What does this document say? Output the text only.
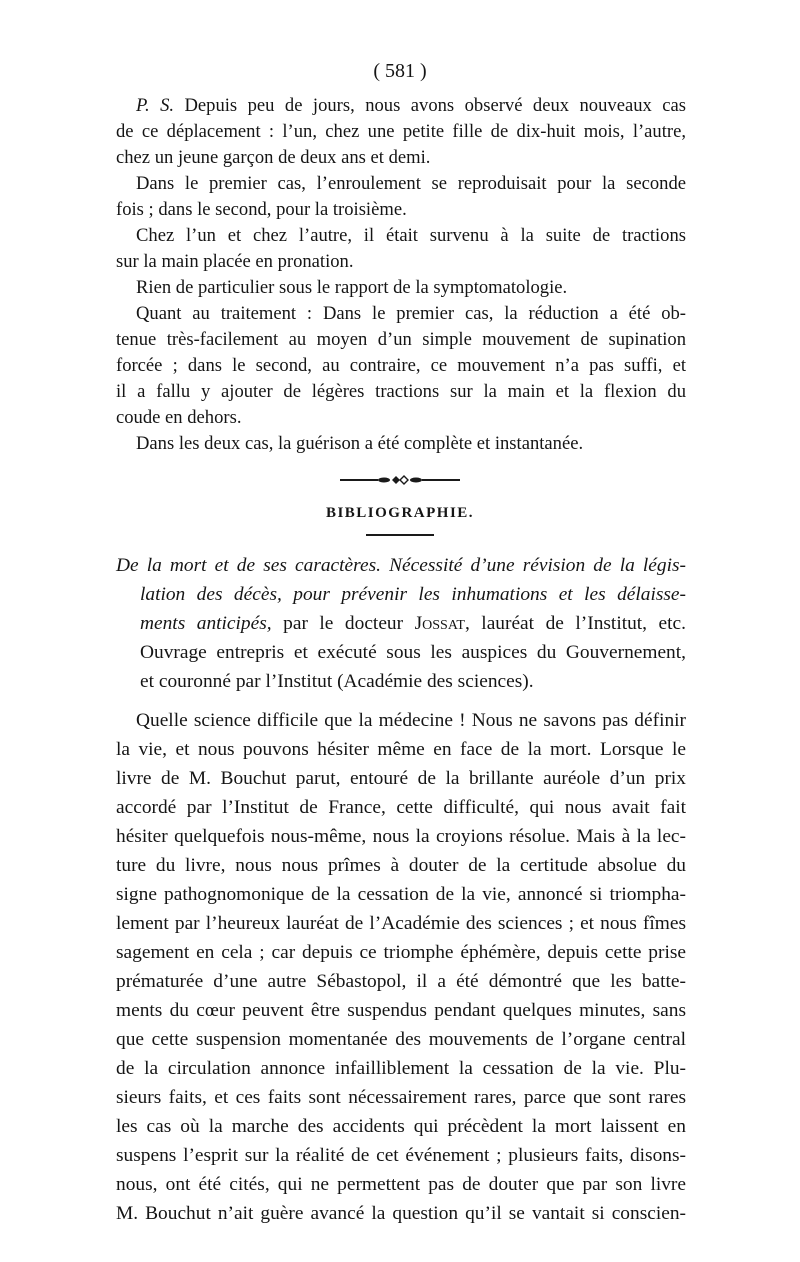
( 581 )
P. S. Depuis peu de jours, nous avons observé deux nouveaux cas
de ce déplacement : l’un, chez une petite fille de dix-huit mois, l’autre,
chez un jeune garçon de deux ans et demi.
Dans le premier cas, l’enroulement se reproduisait pour la seconde
fois ; dans le second, pour la troisième.
Chez l’un et chez l’autre, il était survenu à la suite de tractions
sur la main placée en pronation.
Rien de particulier sous le rapport de la symptomatologie.
Quant au traitement : Dans le premier cas, la réduction a été ob-
tenue très-facilement au moyen d’un simple mouvement de supination
forcée ; dans le second, au contraire, ce mouvement n’a pas suffi, et
il a fallu y ajouter de légères tractions sur la main et la flexion du
coude en dehors.
Dans les deux cas, la guérison a été complète et instantanée.
BIBLIOGRAPHIE.
De la mort et de ses caractères. Nécessité d’une révision de la légis-
lation des décès, pour prévenir les inhumations et les délaisse-
ments anticipés, par le docteur Jossat, lauréat de l’Institut, etc.
Ouvrage entrepris et exécuté sous les auspices du Gouvernement,
et couronné par l’Institut (Académie des sciences).
Quelle science difficile que la médecine ! Nous ne savons pas définir
la vie, et nous pouvons hésiter même en face de la mort. Lorsque le
livre de M. Bouchut parut, entouré de la brillante auréole d’un prix
accordé par l’Institut de France, cette difficulté, qui nous avait fait
hésiter quelquefois nous-même, nous la croyions résolue. Mais à la lec-
ture du livre, nous nous prîmes à douter de la certitude absolue du
signe pathognomonique de la cessation de la vie, annoncé si triompha-
lement par l’heureux lauréat de l’Académie des sciences ; et nous fîmes
sagement en cela ; car depuis ce triomphe éphémère, depuis cette prise
prématurée d’une autre Sébastopol, il a été démontré que les batte-
ments du cœur peuvent être suspendus pendant quelques minutes, sans
que cette suspension momentanée des mouvements de l’organe central
de la circulation annonce infailliblement la cessation de la vie. Plu-
sieurs faits, et ces faits sont nécessairement rares, parce que sont rares
les cas où la marche des accidents qui précèdent la mort laissent en
suspens l’esprit sur la réalité de cet événement ; plusieurs faits, disons-
nous, ont été cités, qui ne permettent pas de douter que par son livre
M. Bouchut n’ait guère avancé la question qu’il se vantait si conscien-
